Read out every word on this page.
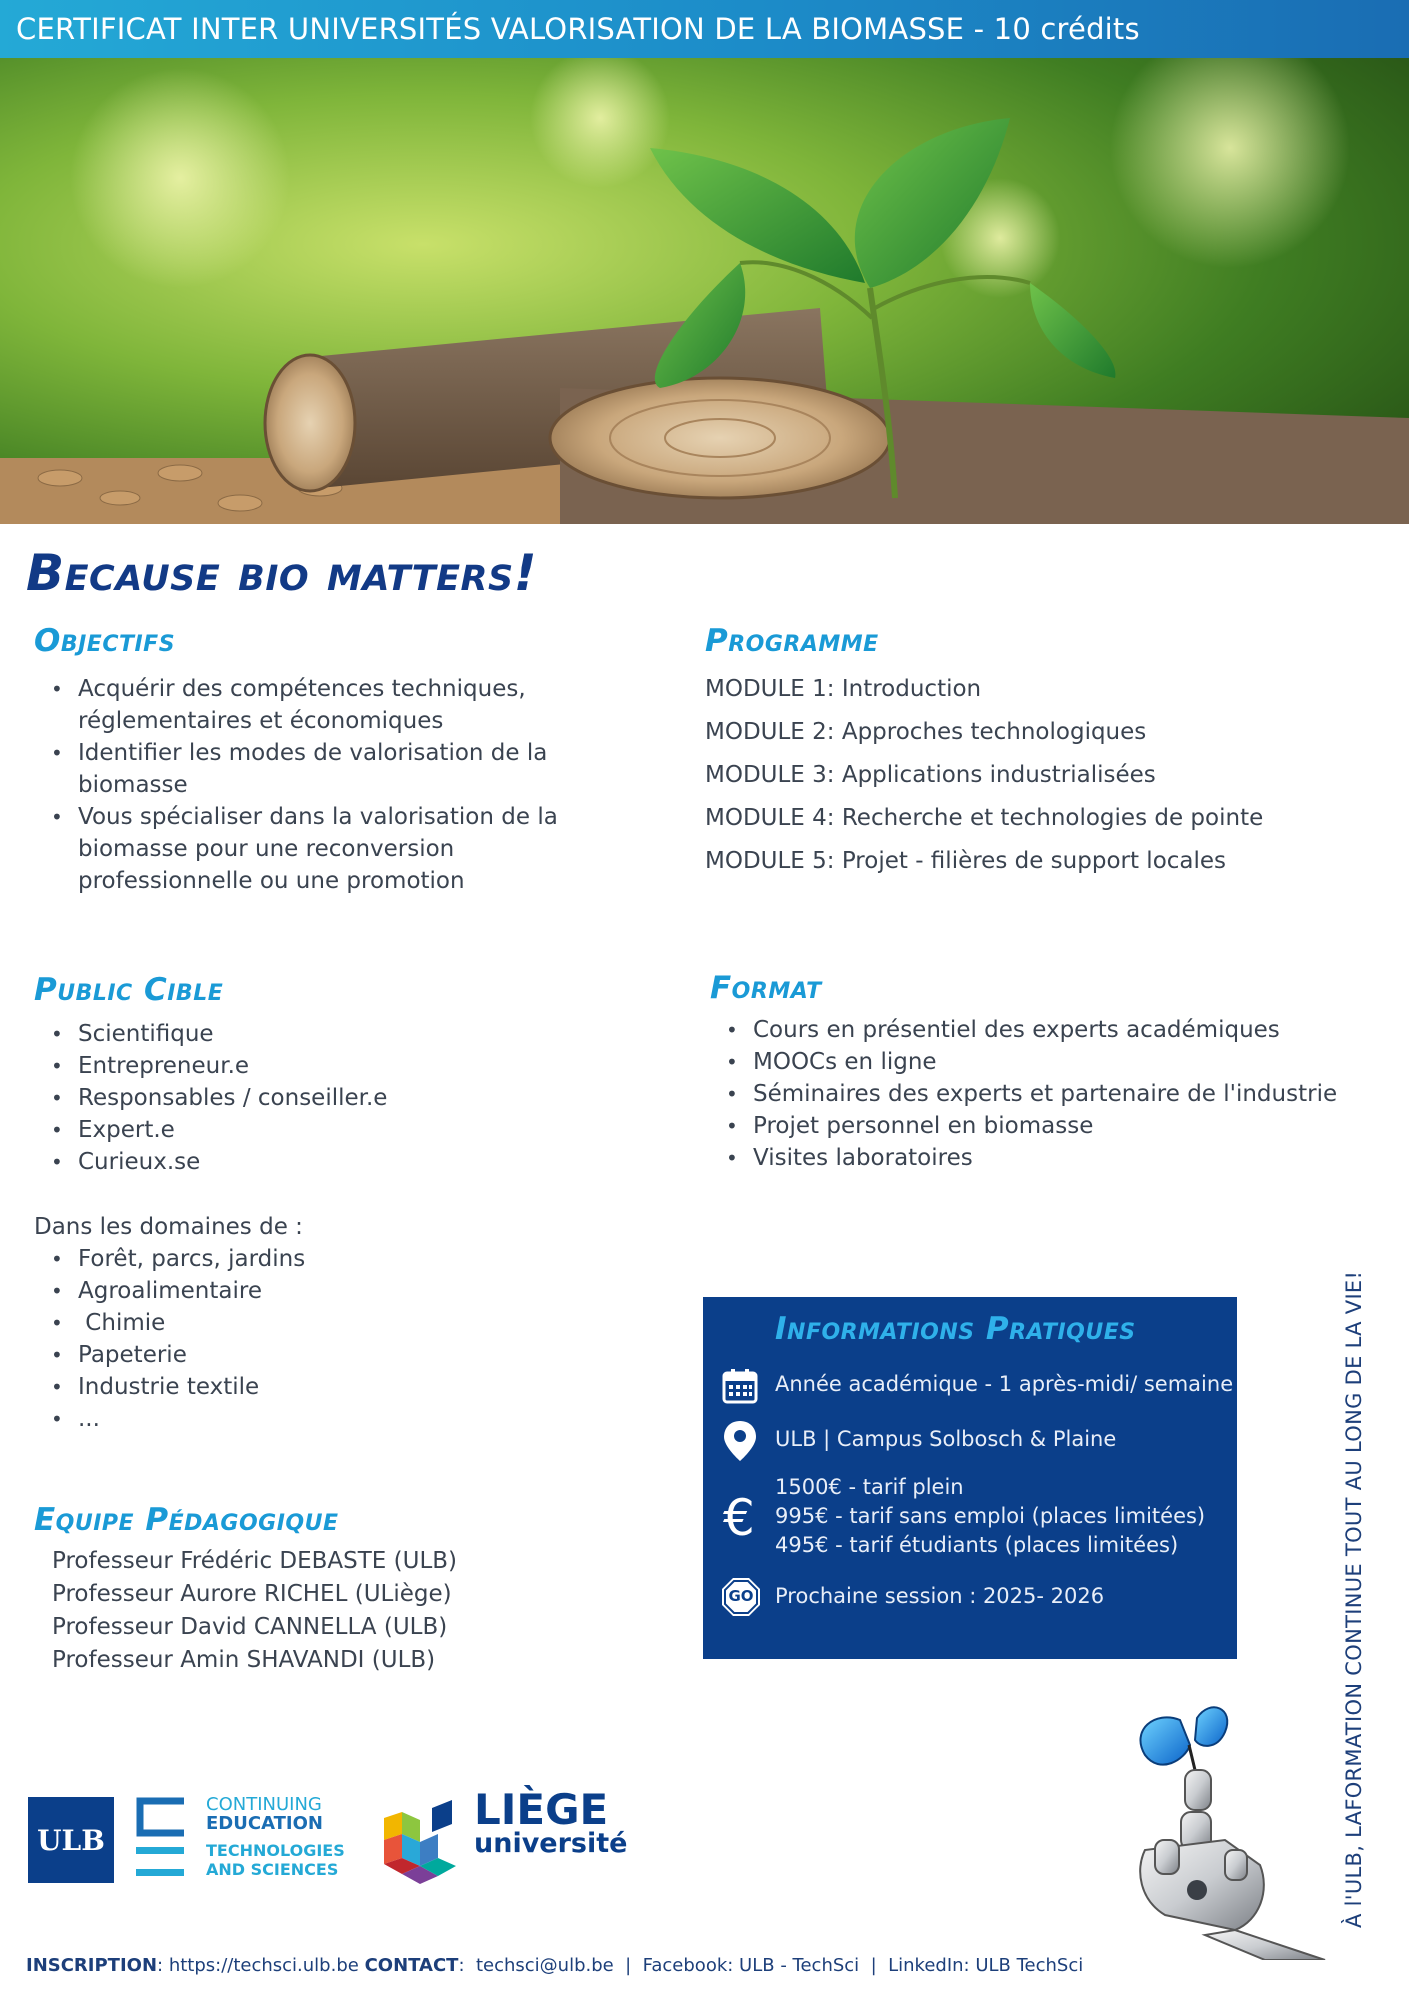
CERTIFICAT INTER UNIVERSITÉS VALORISATION DE LA BIOMASSE - 10 crédits
Because bio matters!
Objectifs
• Acquérir des compétences techniques, réglementaires et économiques
• Identifier les modes de valorisation de la biomasse
• Vous spécialiser dans la valorisation de la biomasse pour une reconversion professionnelle ou une promotion
Programme
MODULE 1: Introduction
MODULE 2: Approches technologiques
MODULE 3: Applications industrialisées
MODULE 4: Recherche et technologies de pointe
MODULE 5: Projet - filières de support locales
Public Cible
• Scientifique
• Entrepreneur.e
• Responsables / conseiller.e
• Expert.e
• Curieux.se
Dans les domaines de :
• Forêt, parcs, jardins
• Agroalimentaire
•  Chimie
• Papeterie
• Industrie textile
• ...
Format
• Cours en présentiel des experts académiques
• MOOCs en ligne
• Séminaires des experts et partenaire de l'industrie
• Projet personnel en biomasse
• Visites laboratoires
Informations Pratiques
Année académique - 1 après-midi/ semaine
ULB | Campus Solbosch & Plaine
€
1500€ - tarif plein
995€ - tarif sans emploi (places limitées)
495€ - tarif étudiants (places limitées)
GO	Prochaine session : 2025- 2026
Equipe Pédagogique
Professeur Frédéric DEBASTE (ULB)
Professeur Aurore RICHEL (ULiège)
Professeur David CANNELLA (ULB)
Professeur Amin SHAVANDI (ULB)
ULB
CONTINUING
EDUCATION
TECHNOLOGIES
AND SCIENCES
LIÈGE
université	À l'ULB, LAFORMATION CONTINUE TOUT AU LONG DE LA VIE!
INSCRIPTION: https://techsci.ulb.be CONTACT:  techsci@ulb.be  |  Facebook: ULB - TechSci  |  LinkedIn: ULB TechSci
